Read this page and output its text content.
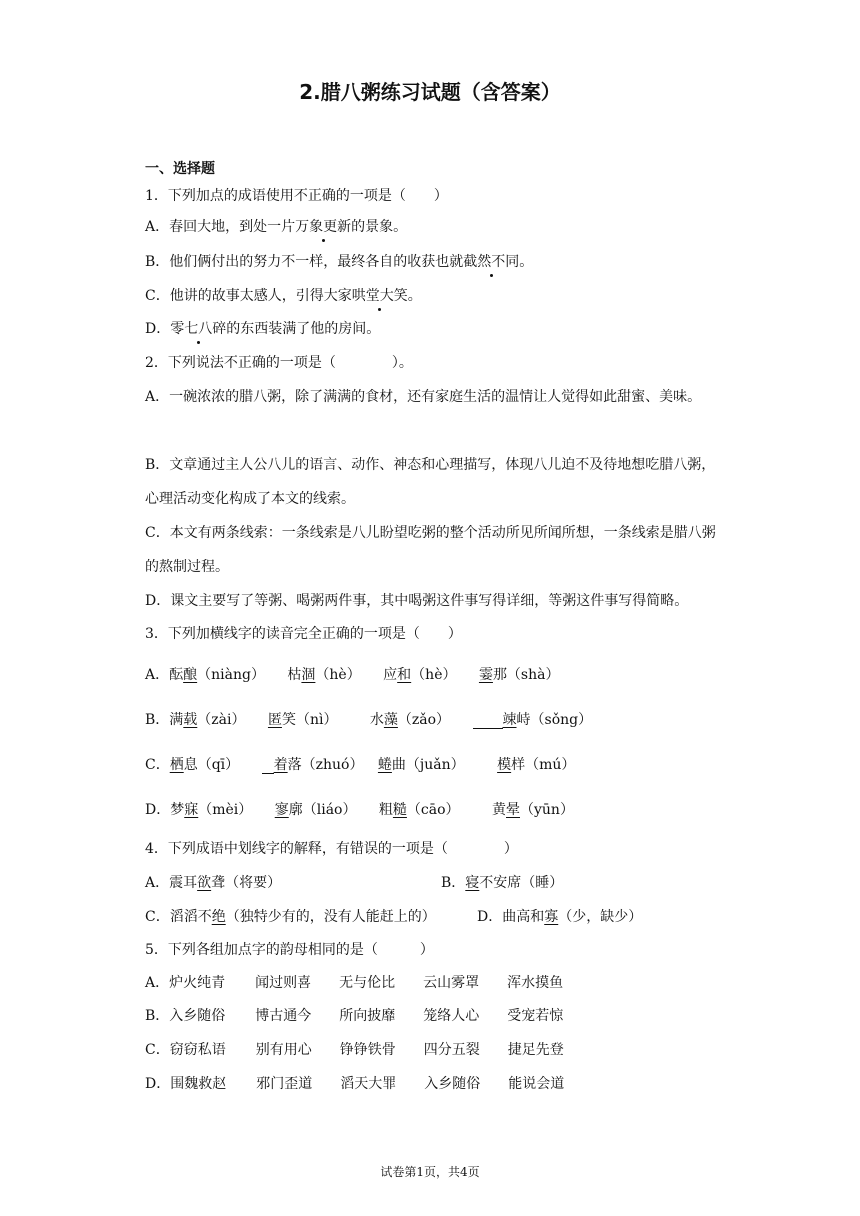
2.腊八粥练习试题（含答案）
一、选择题
1．下列加点的成语使用不正确的一项是（　　）
A．春回大地，到处一片万象更新的景象。
B．他们俩付出的努力不一样，最终各自的收获也就截然不同。
C．他讲的故事太感人，引得大家哄堂大笑。
D．零七八碎的东西装满了他的房间。
2．下列说法不正确的一项是（　　　　）。
A．一碗浓浓的腊八粥，除了满满的食材，还有家庭生活的温情让人觉得如此甜蜜、美味。
B．文章通过主人公八儿的语言、动作、神态和心理描写，体现八儿迫不及待地想吃腊八粥，心理活动变化构成了本文的线索。
C．本文有两条线索：一条线索是八儿盼望吃粥的整个活动所见所闻所想，一条线索是腊八粥的熬制过程。
D．课文主要写了等粥、喝粥两件事，其中喝粥这件事写得详细，等粥这件事写得简略。
3．下列加横线字的读音完全正确的一项是（　　）
A．酝酿（niàng） 枯涸（hè） 应和（hè） 霎那（shà）
B．满载（zài） 匿笑（nì） 水藻（zǎo）	竦峙（sǒng）
C．栖息（qī） 着落（zhuó） 蜷曲（juǎn） 模样（mú）
D．梦寐（mèi） 寥廓（liáo） 粗糙（cāo） 黄晕（yūn）
4．下列成语中划线字的解释，有错误的一项是（　　　　）
A．震耳欲聋（将要）	B．寝不安席（睡）
C．滔滔不绝（独特少有的，没有人能赶上的）	D．曲高和寡（少，缺少）
5．下列各组加点字的韵母相同的是（　　　）
A．炉火纯青 闻过则喜 无与伦比 云山雾罩 浑水摸鱼
B．入乡随俗 博古通今 所向披靡 笼络人心 受宠若惊
C．窃窃私语 别有用心 铮铮铁骨 四分五裂 捷足先登
D．围魏救赵 邪门歪道 滔天大罪 入乡随俗 能说会道
试卷第1页，共4页
